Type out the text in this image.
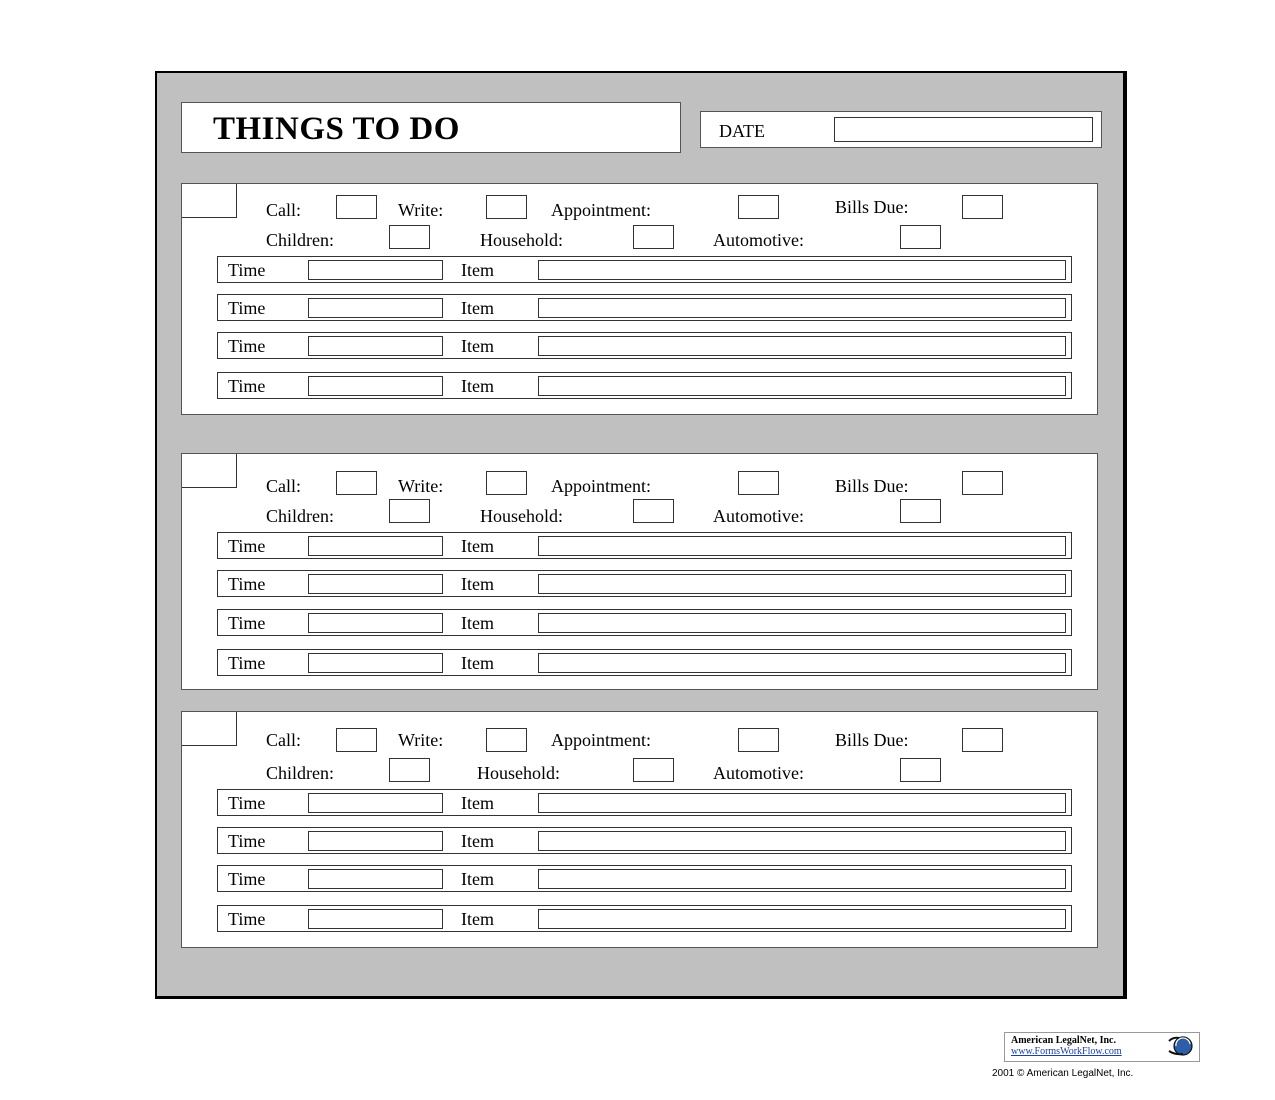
THINGS TO DO	DATE
Call:	Write:	Appointment:	Bills Due:
Children:	Household:	Automotive:
Time	Item
Time	Item
Time	Item
Time	Item
Call:	Write:	Appointment:	Bills Due:
Children:	Household:	Automotive:
Time	Item
Time	Item
Time	Item
Time	Item
Call:	Write:	Appointment:	Bills Due:
Children:	Household:	Automotive:
Time	Item
Time	Item
Time	Item
Time	Item
American LegalNet, Inc.
www.FormsWorkFlow.com
2001 © American LegalNet, Inc.
